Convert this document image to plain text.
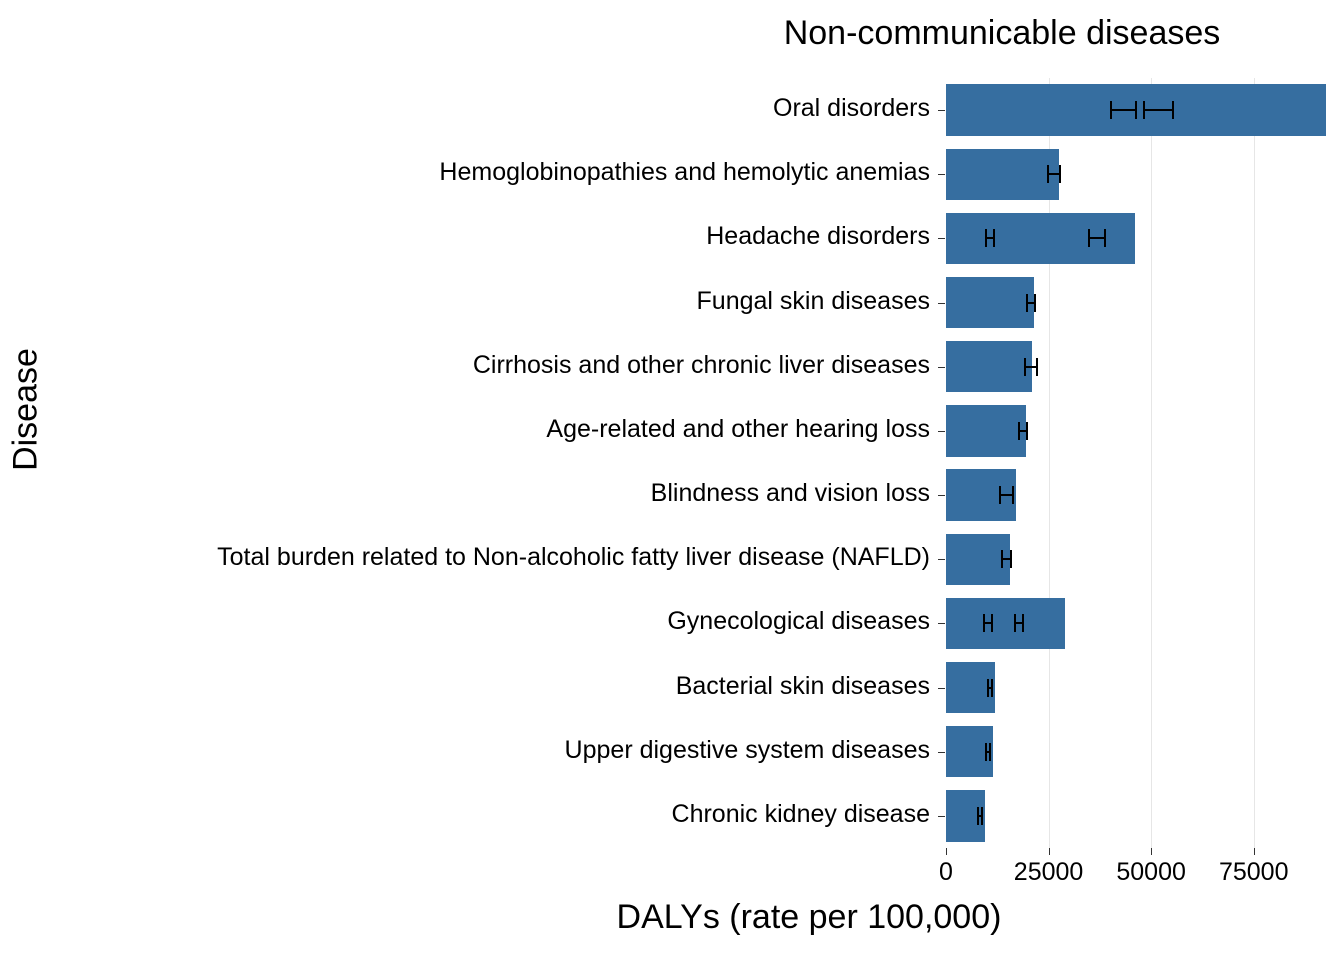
Non-communicable diseases
Disease
DALYs (rate per 100,000)
Oral disorders
Hemoglobinopathies and hemolytic anemias
Headache disorders
Fungal skin diseases
Cirrhosis and other chronic liver diseases
Age-related and other hearing loss
Blindness and vision loss
Total burden related to Non-alcoholic fatty liver disease (NAFLD)
Gynecological diseases
Bacterial skin diseases
Upper digestive system diseases
Chronic kidney disease
0	25000	50000	75000
